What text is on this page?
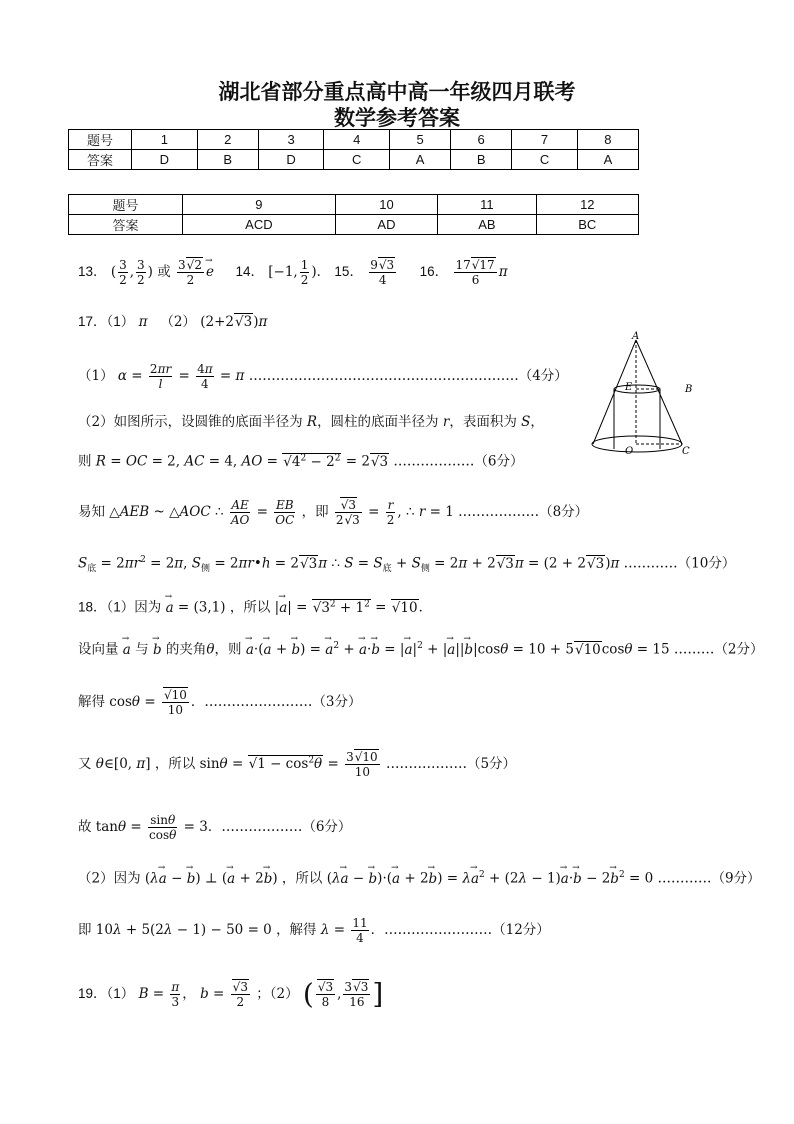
湖北省部分重点高中高一年级四月联考
数学参考答案
题号	1	2	3	4	5	6	7	8
答案	D	B	D	C	A	B	C	A
题号	9	10	11	12
答案	ACD	AD	AB	BC
13． ( $\frac{3}{2}$ , $\frac{3}{2}$ ) 或 $\frac{3 √ 2}{2} \to e$ 14． [−1, $\frac{1}{2}$ )． 15． $\frac{9 √ 3}{4} 16$． $\frac{17 √ 17}{6}$ π
17．（1） π （2） (2+2 √ 3)π
（1） $\alpha = \frac{2\pi r}{l} = \frac{4\pi}{4} = \pi$ ……………………………………………………（4分）
（2）如图所示，设圆锥的底面半径为 R，圆柱的底面半径为 r，表面积为 S，
则 R = OC = 2, AC = 4, AO = √ $4^2 - 2^2 = 2$ √ 3 ………………（6分）
易知 △AEB ~ △AOC ∴ $\frac{AE}{AO} = \frac{EB}{OC}$ ，即 √ $\frac{3}{2 √ 3} = \frac{r}{2}$ , ∴ r = 1 ………………（8分）
$S_底 = 2\pi r^2 = 2\pi$, $S_侧$ = 2πr•h = 2 √ 3π ∴ $S = S_底 + S_侧 = 2\pi + 2$ √ 3π = (2 + 2 √ 3)π …………（10分）
18．（1）因为 → a = (3,1) ，所以 |→ a| = √ $3^2 + 1^2$ = √ 10．
设向量 → a 与 → b 的夹角θ，则 → a·(→ a + → b) = → $a^2$ + → a·→ b = |→ $a|^2$ + |→ a||→ b|cosθ = 10 + 5 √ 10cosθ = 15 ………（2分）
解得 cosθ = √ $\frac{10}{10}$ ．……………………（3分）
又 θ∈[0, π] ，所以 sinθ = √ $1 - \cos^2\theta = \frac{3 √ 10}{10}$ ………………（5分）
故 $\tan\theta = \frac{\sin\theta}{\cos\theta} = 3$．………………（6分）
（2）因为 (λ→ a − → b) ⊥ (→ a + 2→ b) ，所以 (λ→ a − → $b)\cdot(\to a + 2\to b) = \lambda\to a^2 + (2\lambda - 1)\to a\cdot\to b - 2\to b^2 = 0$ …………（9分）
即 10λ + 5(2λ − 1) − 50 = 0 ，解得 $\lambda = \frac{11}{4}$ ．……………………（12分）
19．（1） $B = \frac{\pi}{3}$ ， b = √ $\frac{3}{2}$ ；（2） ( √ $\frac{3}{8}$ , $\frac{3 √ 3}{16}$ ]
A
B
E
O	C
